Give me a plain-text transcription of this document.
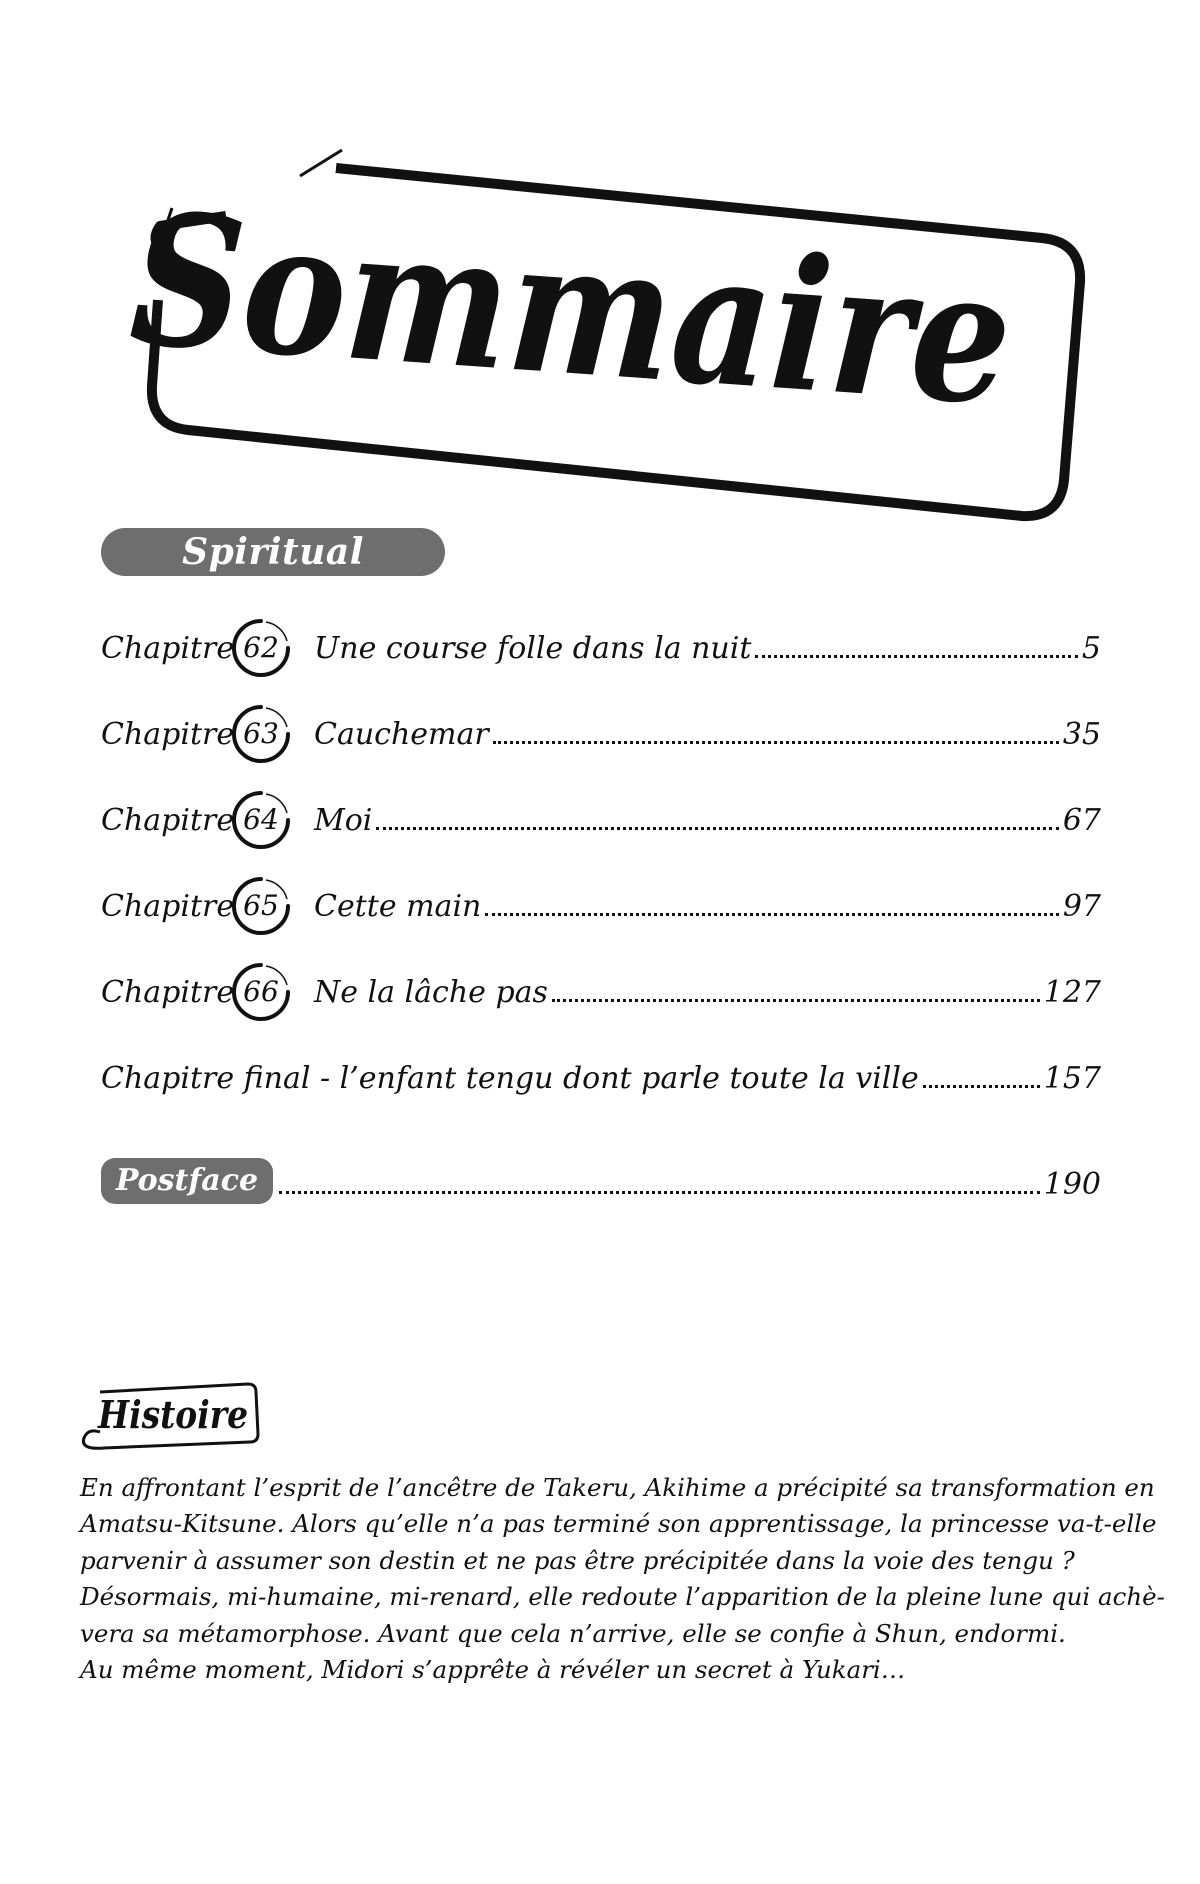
Sommaire
Spiritual princess
Chapitre 62	Une course folle dans la nuit	5
Chapitre 63	Cauchemar	35
Chapitre 64	Moi	67
Chapitre 65	Cette main	97
Chapitre 66	Ne la lâche pas	127
Chapitre final - l’enfant tengu dont parle toute la ville	157
Postface	190
Histoire

En affrontant l’esprit de l’ancêtre de Takeru, Akihime a précipité sa transformation en
Amatsu-Kitsune. Alors qu’elle n’a pas terminé son apprentissage, la princesse va-t-elle
parvenir à assumer son destin et ne pas être précipitée dans la voie des tengu ?
Désormais, mi-humaine, mi-renard, elle redoute l’apparition de la pleine lune qui achè-
vera sa métamorphose. Avant que cela n’arrive, elle se confie à Shun, endormi.
Au même moment, Midori s’apprête à révéler un secret à Yukari…
